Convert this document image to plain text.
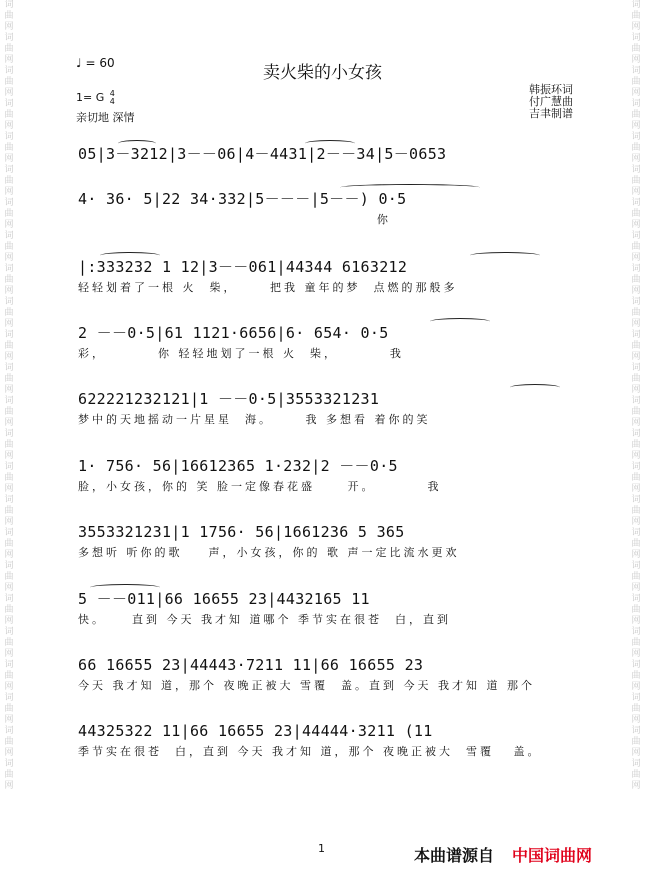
词曲网词曲网词曲网词曲网词曲网词曲网词曲网词曲网词曲网词曲网词曲网词曲网词曲网词曲网词曲网词曲网词曲网词曲网词曲网词曲网词曲网词曲网词曲网词曲网
词曲网词曲网词曲网词曲网词曲网词曲网词曲网词曲网词曲网词曲网词曲网词曲网词曲网词曲网词曲网词曲网词曲网词曲网词曲网词曲网词曲网词曲网词曲网词曲网
♩ = 60	卖火柴的小女孩
1= G 4
4
亲切地 深情
韩振环词
付广慧曲
吉聿制谱
05|3－3212|3－－06|4－4431|2－－34|5－0653
4· 36· 5|22 34·332|5－－－|5－－) 0·5
你
|:333232 1 12|3－－061|44344 6163212
轻轻划着了一根 火  柴，     把我 童年的梦  点燃的那般多
2 －－0·5|61 1121·6656|6· 654· 0·5
彩，        你 轻轻地划了一根 火  柴，        我
622221232121|1 －－0·5|3553321231
梦中的天地摇动一片星星  海。     我 多想看 着你的笑
1· 756· 56|16612365 1·232|2 －－0·5
脸，小女孩，你的 笑 脸一定像春花盛     开。        我
3553321231|1 1756· 56|1661236 5 365
多想听 听你的歌    声，小女孩，你的 歌 声一定比流水更欢
5 －－011|66 16655 23|4432165 11
快。    直到 今天 我才知 道哪个 季节实在很苍  白，直到
66 16655 23|44443·7211 11|66 16655 23
今天 我才知 道，那个 夜晚正被大 雪覆  盖。直到 今天 我才知 道 那个
44325322 11|66 16655 23|44444·3211 (11
季节实在很苍  白，直到 今天 我才知 道，那个 夜晚正被大  雪覆   盖。
1	本曲谱源自 中国词曲网
